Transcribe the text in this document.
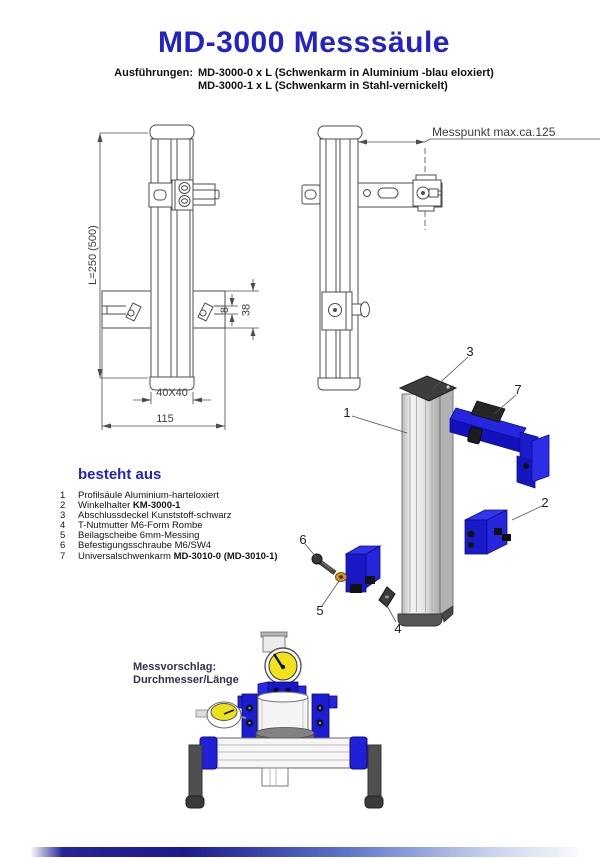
MD-3000 Messsäule
Ausführungen: MD-3000-0 x L (Schwenkarm in Aluminium -blau eloxiert)
MD-3000-1 x L (Schwenkarm in Stahl-vernickelt)
L=250 (500)
40X40
115
8 38
Messpunkt max.ca.125
1
2
3
4
5
6
7
besteht aus
1	Profilsäule Aluminium-harteloxiert
2	Winkelhalter KM-3000-1
3	Abschlussdeckel Kunststoff-schwarz
4	T-Nutmutter M6-Form Rombe
5	Beilagscheibe 6mm-Messing
6	Befestigungsschraube M6/SW4
7	Universalschwenkarm MD-3010-0 (MD-3010-1)
Messvorschlag:
Durchmesser/Länge
